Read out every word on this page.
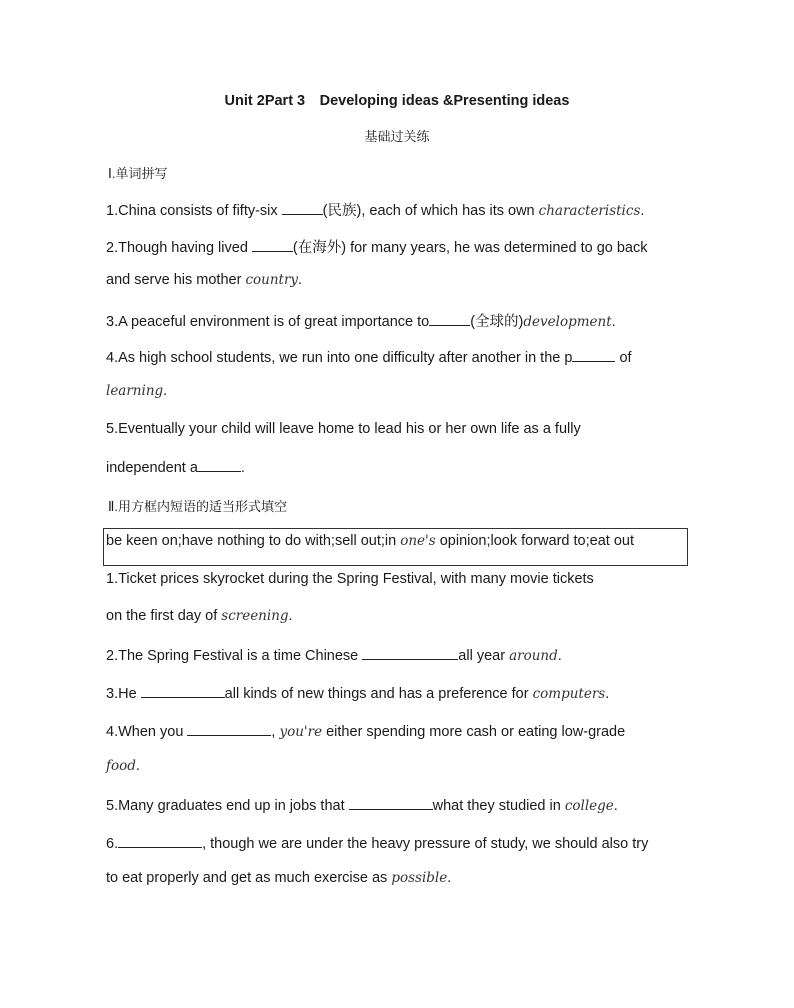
Unit 2Part 3　Developing ideas &Presenting ideas
基础过关练
Ⅰ.单词拼写
1.China consists of fifty-six	(民族), each of which has its own characteristics.
2.Though having lived	(在海外) for many years, he was determined to go back
and serve his mother country.
3.A peaceful environment is of great importance to	(全球的)development.
4.As high school students, we run into one difficulty after another in the p	of
learning.
5.Eventually your child will leave home to lead his or her own life as a fully
independent a	.
Ⅱ.用方框内短语的适当形式填空
be keen on;have nothing to do with;sell out;in one's opinion;look forward to;eat out
1.Ticket prices skyrocket during the Spring Festival, with many movie tickets
on the first day of screening.
2.The Spring Festival is a time Chinese	all year around.
3.He	all kinds of new things and has a preference for computers.
4.When you	, you're either spending more cash or eating low-grade
food.
5.Many graduates end up in jobs that	what they studied in college.
6.	, though we are under the heavy pressure of study, we should also try
to eat properly and get as much exercise as possible.
